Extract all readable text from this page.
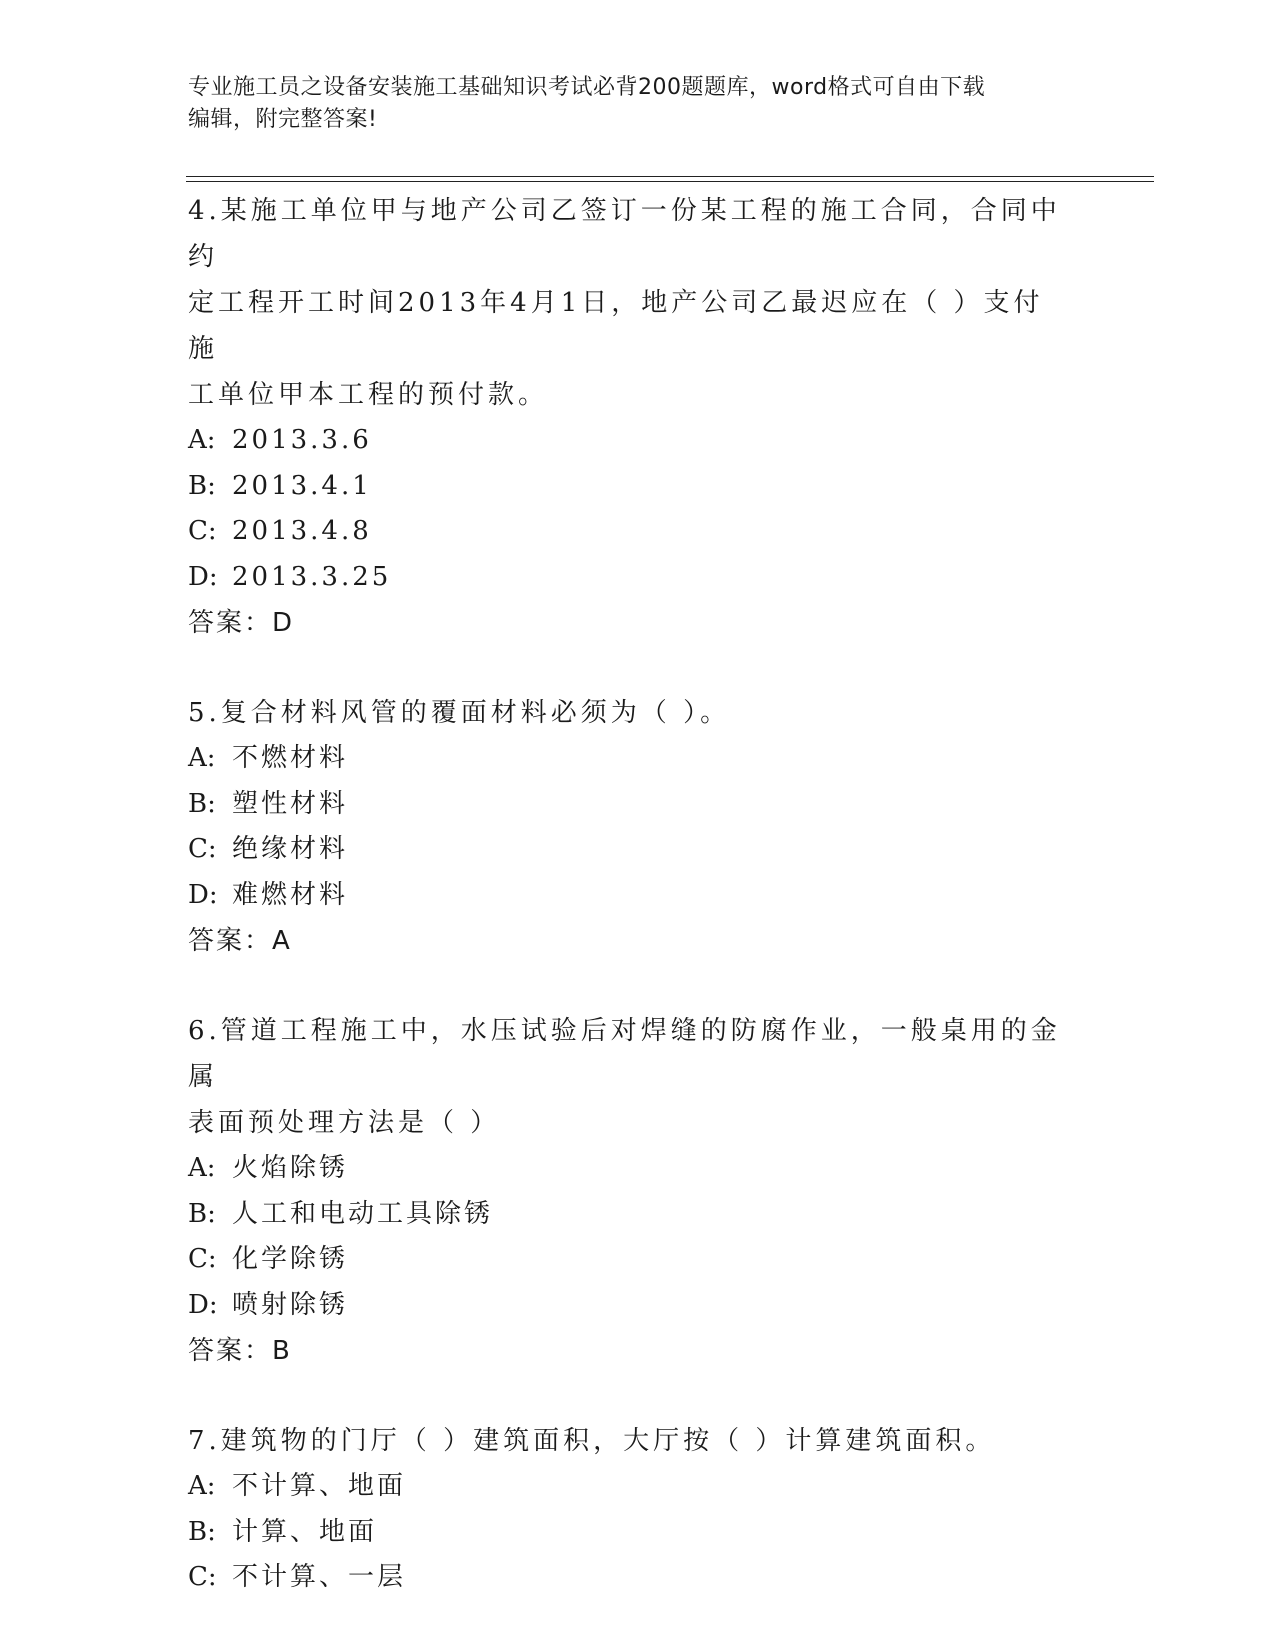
专业施工员之设备安装施工基础知识考试必背200题题库，word格式可自由下载
编辑，附完整答案!

4.某施工单位甲与地产公司乙签订一份某工程的施工合同，合同中约

定工程开工时间2013年4月1日，地产公司乙最迟应在（ ）支付施

工单位甲本工程的预付款。

A: 2013.3.6

B: 2013.4.1

C: 2013.4.8

D: 2013.3.25

答案：D

5.复合材料风管的覆面材料必须为（ ）。

A: 不燃材料

B: 塑性材料

C: 绝缘材料

D: 难燃材料

答案：A

6.管道工程施工中，水压试验后对焊缝的防腐作业，一般桌用的金属

表面预处理方法是（ ）

A: 火焰除锈

B: 人工和电动工具除锈

C: 化学除锈

D: 喷射除锈

答案：B

7.建筑物的门厅（ ）建筑面积，大厅按（ ）计算建筑面积。

A: 不计算、地面

B: 计算、地面

C: 不计算、一层
